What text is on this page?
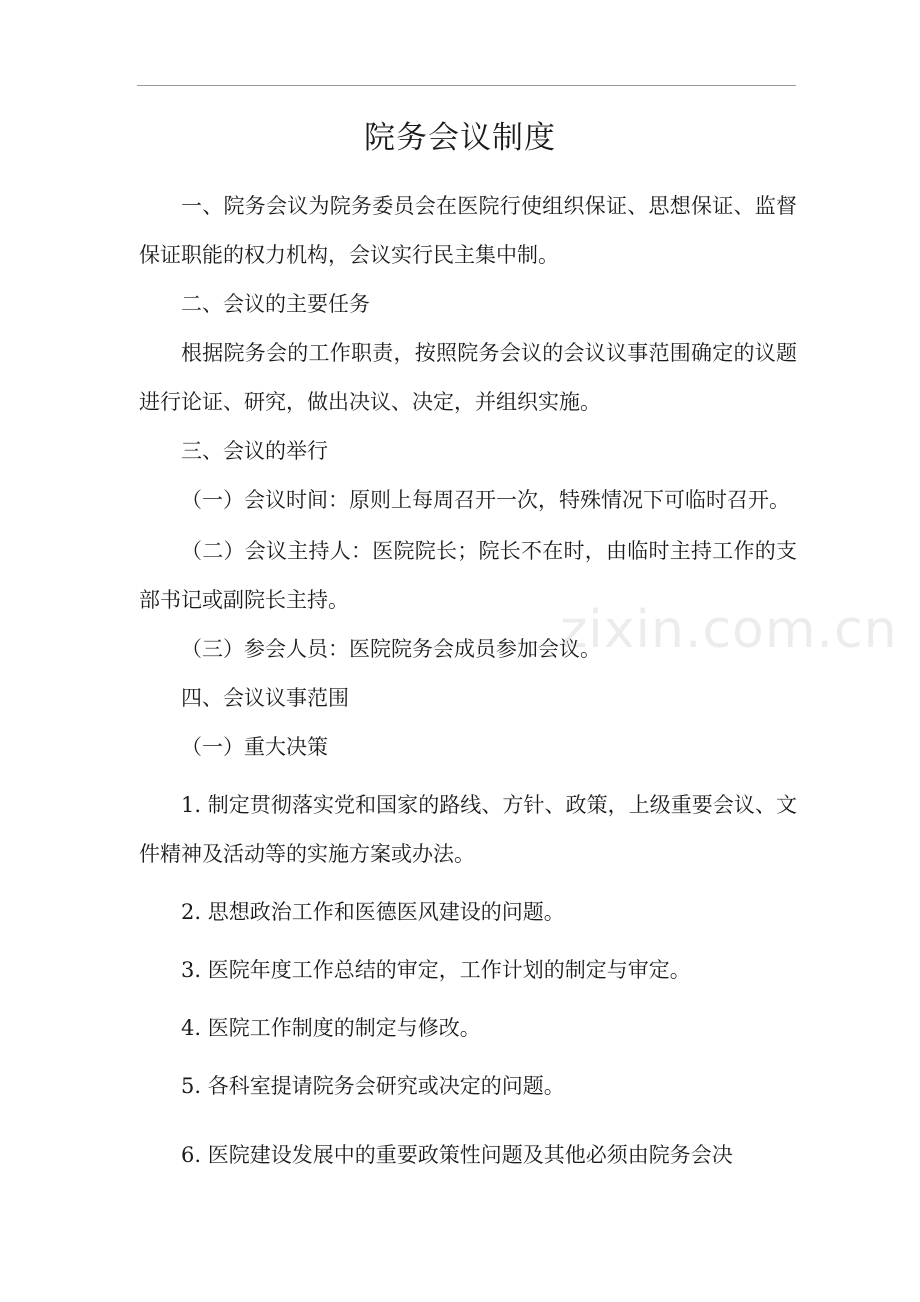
院务会议制度

一、院务会议为院务委员会在医院行使组织保证、思想保证、监督保证职能的权力机构，会议实行民主集中制。

二、会议的主要任务

根据院务会的工作职责，按照院务会议的会议议事范围确定的议题进行论证、研究，做出决议、决定，并组织实施。

三、会议的举行

（一）会议时间：原则上每周召开一次，特殊情况下可临时召开。

（二）会议主持人：医院院长；院长不在时，由临时主持工作的支部书记或副院长主持。

（三）参会人员：医院院务会成员参加会议。

四、会议议事范围

（一）重大决策

1. 制定贯彻落实党和国家的路线、方针、政策，上级重要会议、文件精神及活动等的实施方案或办法。

2. 思想政治工作和医德医风建设的问题。

3. 医院年度工作总结的审定，工作计划的制定与审定。

4. 医院工作制度的制定与修改。

5. 各科室提请院务会研究或决定的问题。

6. 医院建设发展中的重要政策性问题及其他必须由院务会决

zixin.com.cn
